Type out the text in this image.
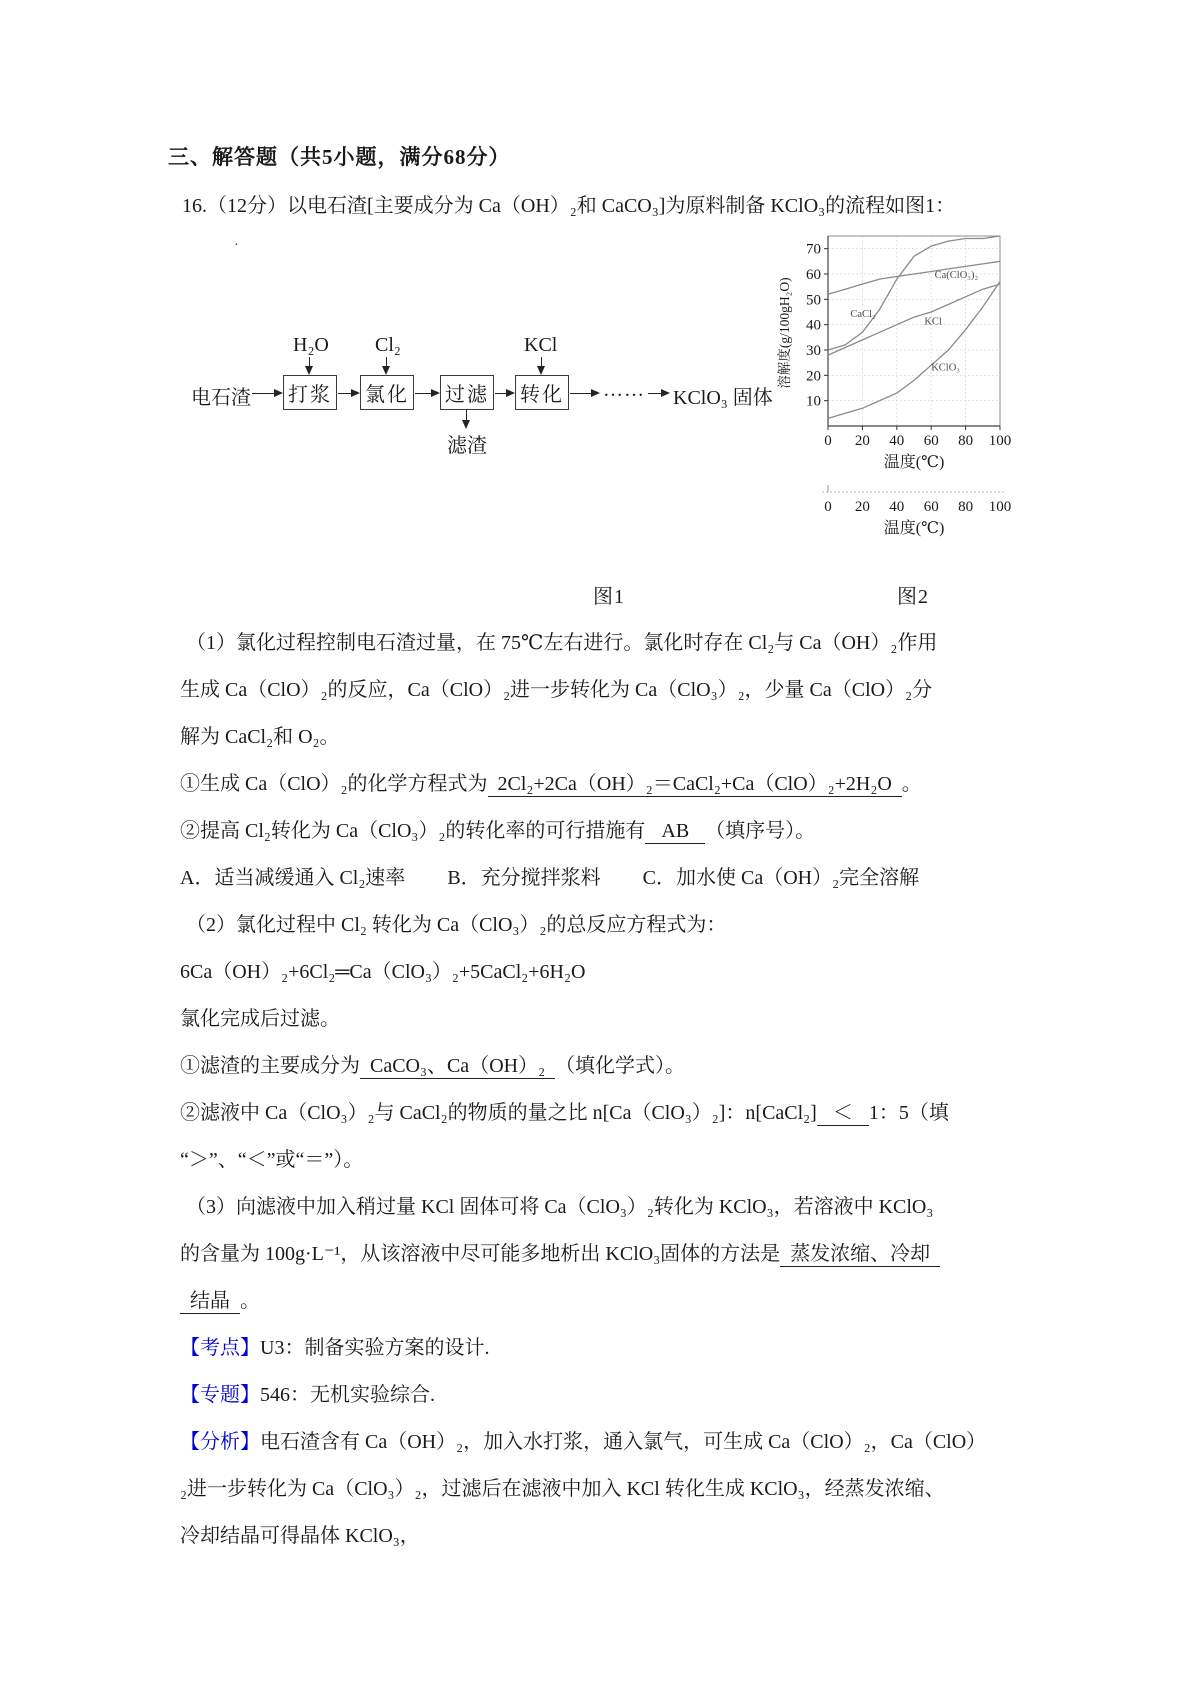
三、解答题（共5小题，满分68分）
16.（12分）以电石渣[主要成分为 Ca（OH）₂和 CaCO₃]为原料制备 KClO₃的流程如图1：
·
电石渣 打浆 氯化 过滤 转化 …… KClO₃ 固体
H₂O Cl₂	KCl
滤渣
图1
CaCl₂
Ca(ClO₃)₂
KCl
KClO₃
10
20
30
40
50
60
70
0 20 40 60 80 100
溶解度(g/100gH₂O)
温度(℃)
0 20 40 60 80 100
温度(℃)
图2
（1）氯化过程控制电石渣过量，在 75℃左右进行。氯化时存在 Cl₂与 Ca（OH）₂作用
生成 Ca（ClO）₂的反应，Ca（ClO）₂进一步转化为 Ca（ClO₃）₂，少量 Ca（ClO）₂分
解为 CaCl₂和 O₂。
①生成 Ca（ClO）₂的化学方程式为 2Cl₂+2Ca（OH）₂＝CaCl₂+Ca（ClO）₂+2H₂O 。
②提高 Cl₂转化为 Ca（ClO₃）₂的转化率的可行措施有 AB （填序号）。
A．适当减缓通入 Cl₂速率 B．充分搅拌浆料 C．加水使 Ca（OH）₂完全溶解
（2）氯化过程中 Cl₂ 转化为 Ca（ClO₃）₂的总反应方程式为：
6Ca（OH）₂+6Cl₂═Ca（ClO₃）₂+5CaCl₂+6H₂O
氯化完成后过滤。
①滤渣的主要成分为 CaCO₃、Ca（OH）₂ （填化学式）。
②滤液中 Ca（ClO₃）₂与 CaCl₂的物质的量之比 n[Ca（ClO₃）₂]：n[CaCl₂] ＜ 1：5（填
“＞”、“＜”或“＝”）。
（3）向滤液中加入稍过量 KCl 固体可将 Ca（ClO₃）₂转化为 KClO₃，若溶液中 KClO₃
的含量为 100g·L⁻¹，从该溶液中尽可能多地析出 KClO₃固体的方法是 蒸发浓缩、冷却
结晶 。
【考点】U3：制备实验方案的设计.
【专题】546：无机实验综合.
【分析】电石渣含有 Ca（OH）₂，加入水打浆，通入氯气，可生成 Ca（ClO）₂，Ca（ClO）
₂进一步转化为 Ca（ClO₃）₂，过滤后在滤液中加入 KCl 转化生成 KClO₃，经蒸发浓缩、
冷却结晶可得晶体 KClO₃，
